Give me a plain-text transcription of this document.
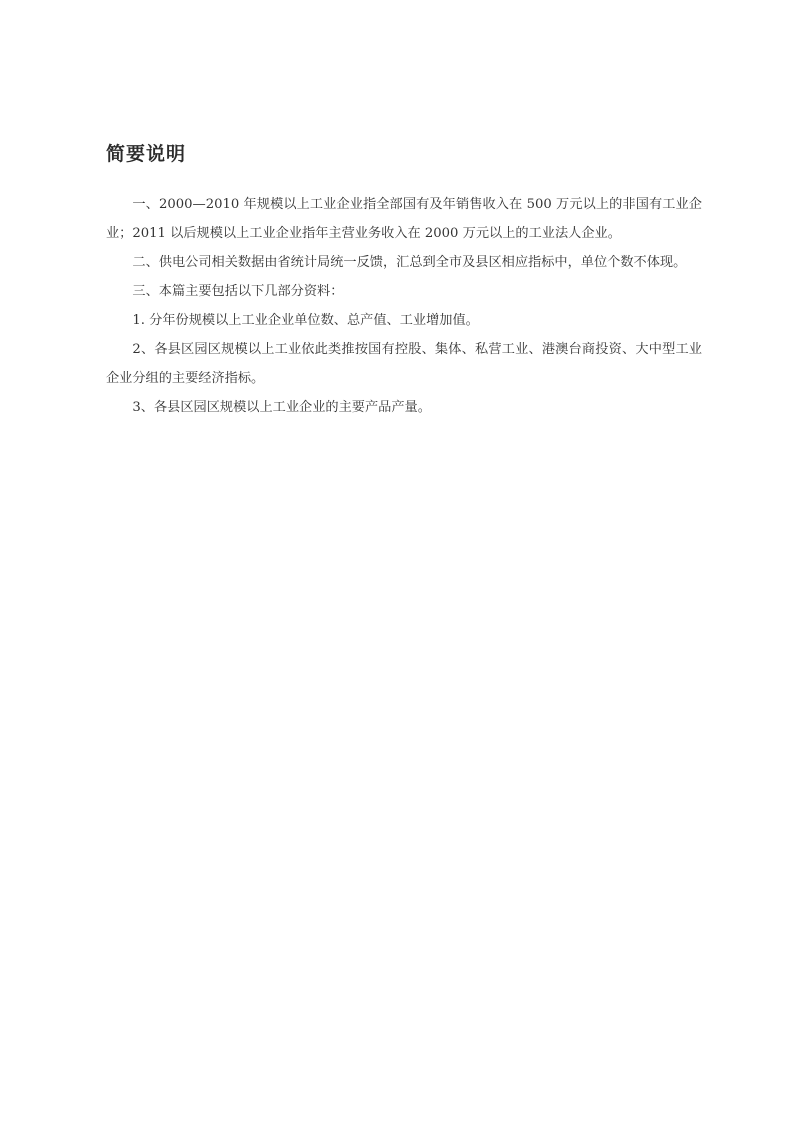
简要说明

一、2000—2010 年规模以上工业企业指全部国有及年销售收入在 500 万元以上的非国有工业企业；2011 以后规模以上工业企业指年主营业务收入在 2000 万元以上的工业法人企业。

二、供电公司相关数据由省统计局统一反馈，汇总到全市及县区相应指标中，单位个数不体现。

三、本篇主要包括以下几部分资料：

1. 分年份规模以上工业企业单位数、总产值、工业增加值。

2、各县区园区规模以上工业依此类推按国有控股、集体、私营工业、港澳台商投资、大中型工业企业分组的主要经济指标。

3、各县区园区规模以上工业企业的主要产品产量。
